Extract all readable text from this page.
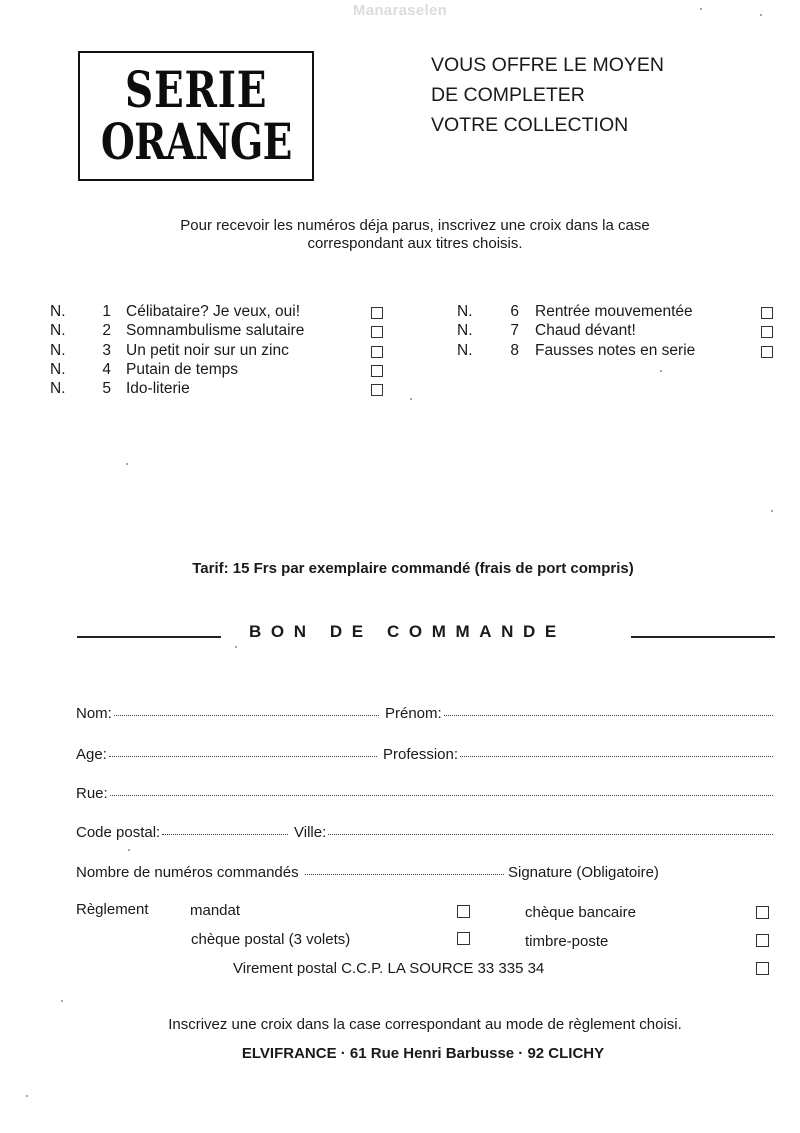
Manaraselen
SERIE
ORANGE
VOUS OFFRE LE MOYEN
DE COMPLETER
VOTRE COLLECTION
Pour recevoir les numéros déja parus, inscrivez une croix dans la case
correspondant aux titres choisis.
N. 1 Célibataire? Je veux, oui!
N. 2 Somnambulisme salutaire
N. 3 Un petit noir sur un zinc
N. 4 Putain de temps
N. 5 Ido-literie
N. 6 Rentrée mouvementée
N. 7 Chaud dévant!
N. 8 Fausses notes en serie
Tarif: 15 Frs par exemplaire commandé (frais de port compris)
BON DE COMMANDE
Nom:	Prénom:
Age:	Profession:
Rue:
Code postal:	Ville:
Nombre de numéros commandés	Signature (Obligatoire)
Règlement	mandat	chèque bancaire
chèque postal (3 volets)	timbre-poste
Virement postal C.C.P. LA SOURCE 33 335 34
Inscrivez une croix dans la case correspondant au mode de règlement choisi.
ELVIFRANCE · 61 Rue Henri Barbusse · 92 CLICHY
